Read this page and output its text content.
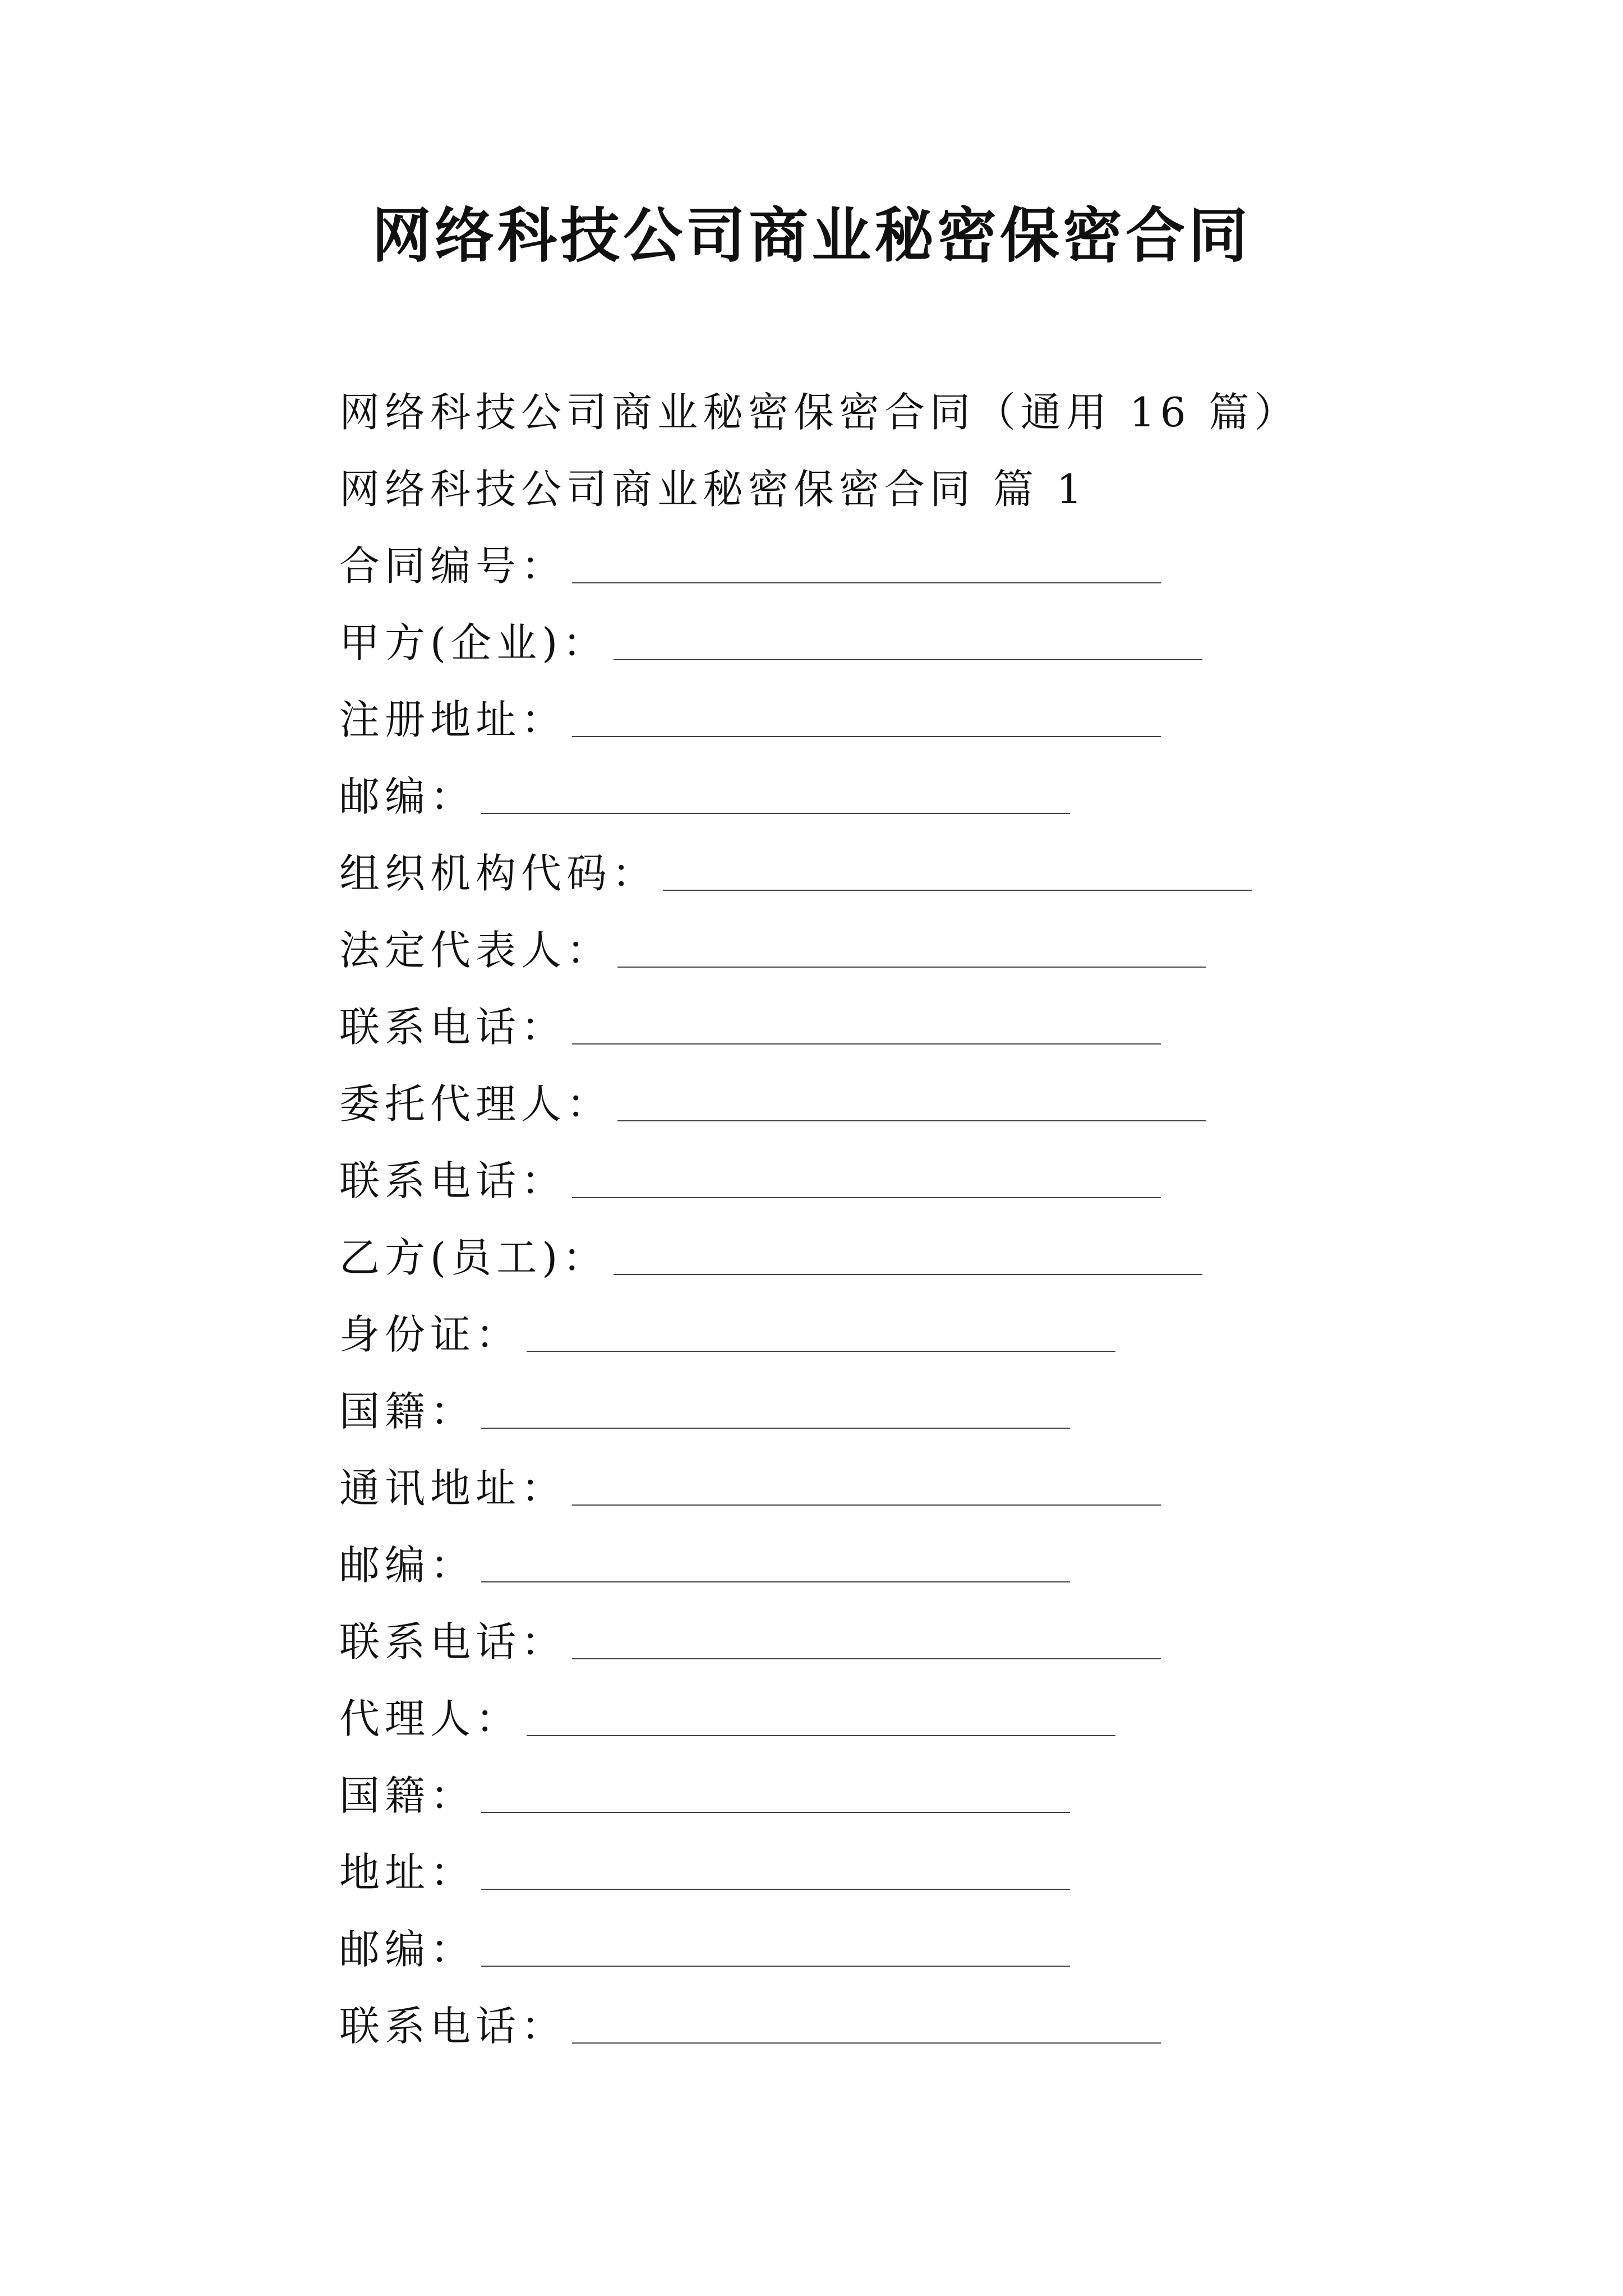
网络科技公司商业秘密保密合同
网络科技公司商业秘密保密合同（通用 16 篇）
网络科技公司商业秘密保密合同 篇 1
合同编号：
甲方(企业)：
注册地址：
邮编：
组织机构代码：
法定代表人：
联系电话：
委托代理人：
联系电话：
乙方(员工)：
身份证：
国籍：
通讯地址：
邮编：
联系电话：
代理人：
国籍：
地址：
邮编：
联系电话：
